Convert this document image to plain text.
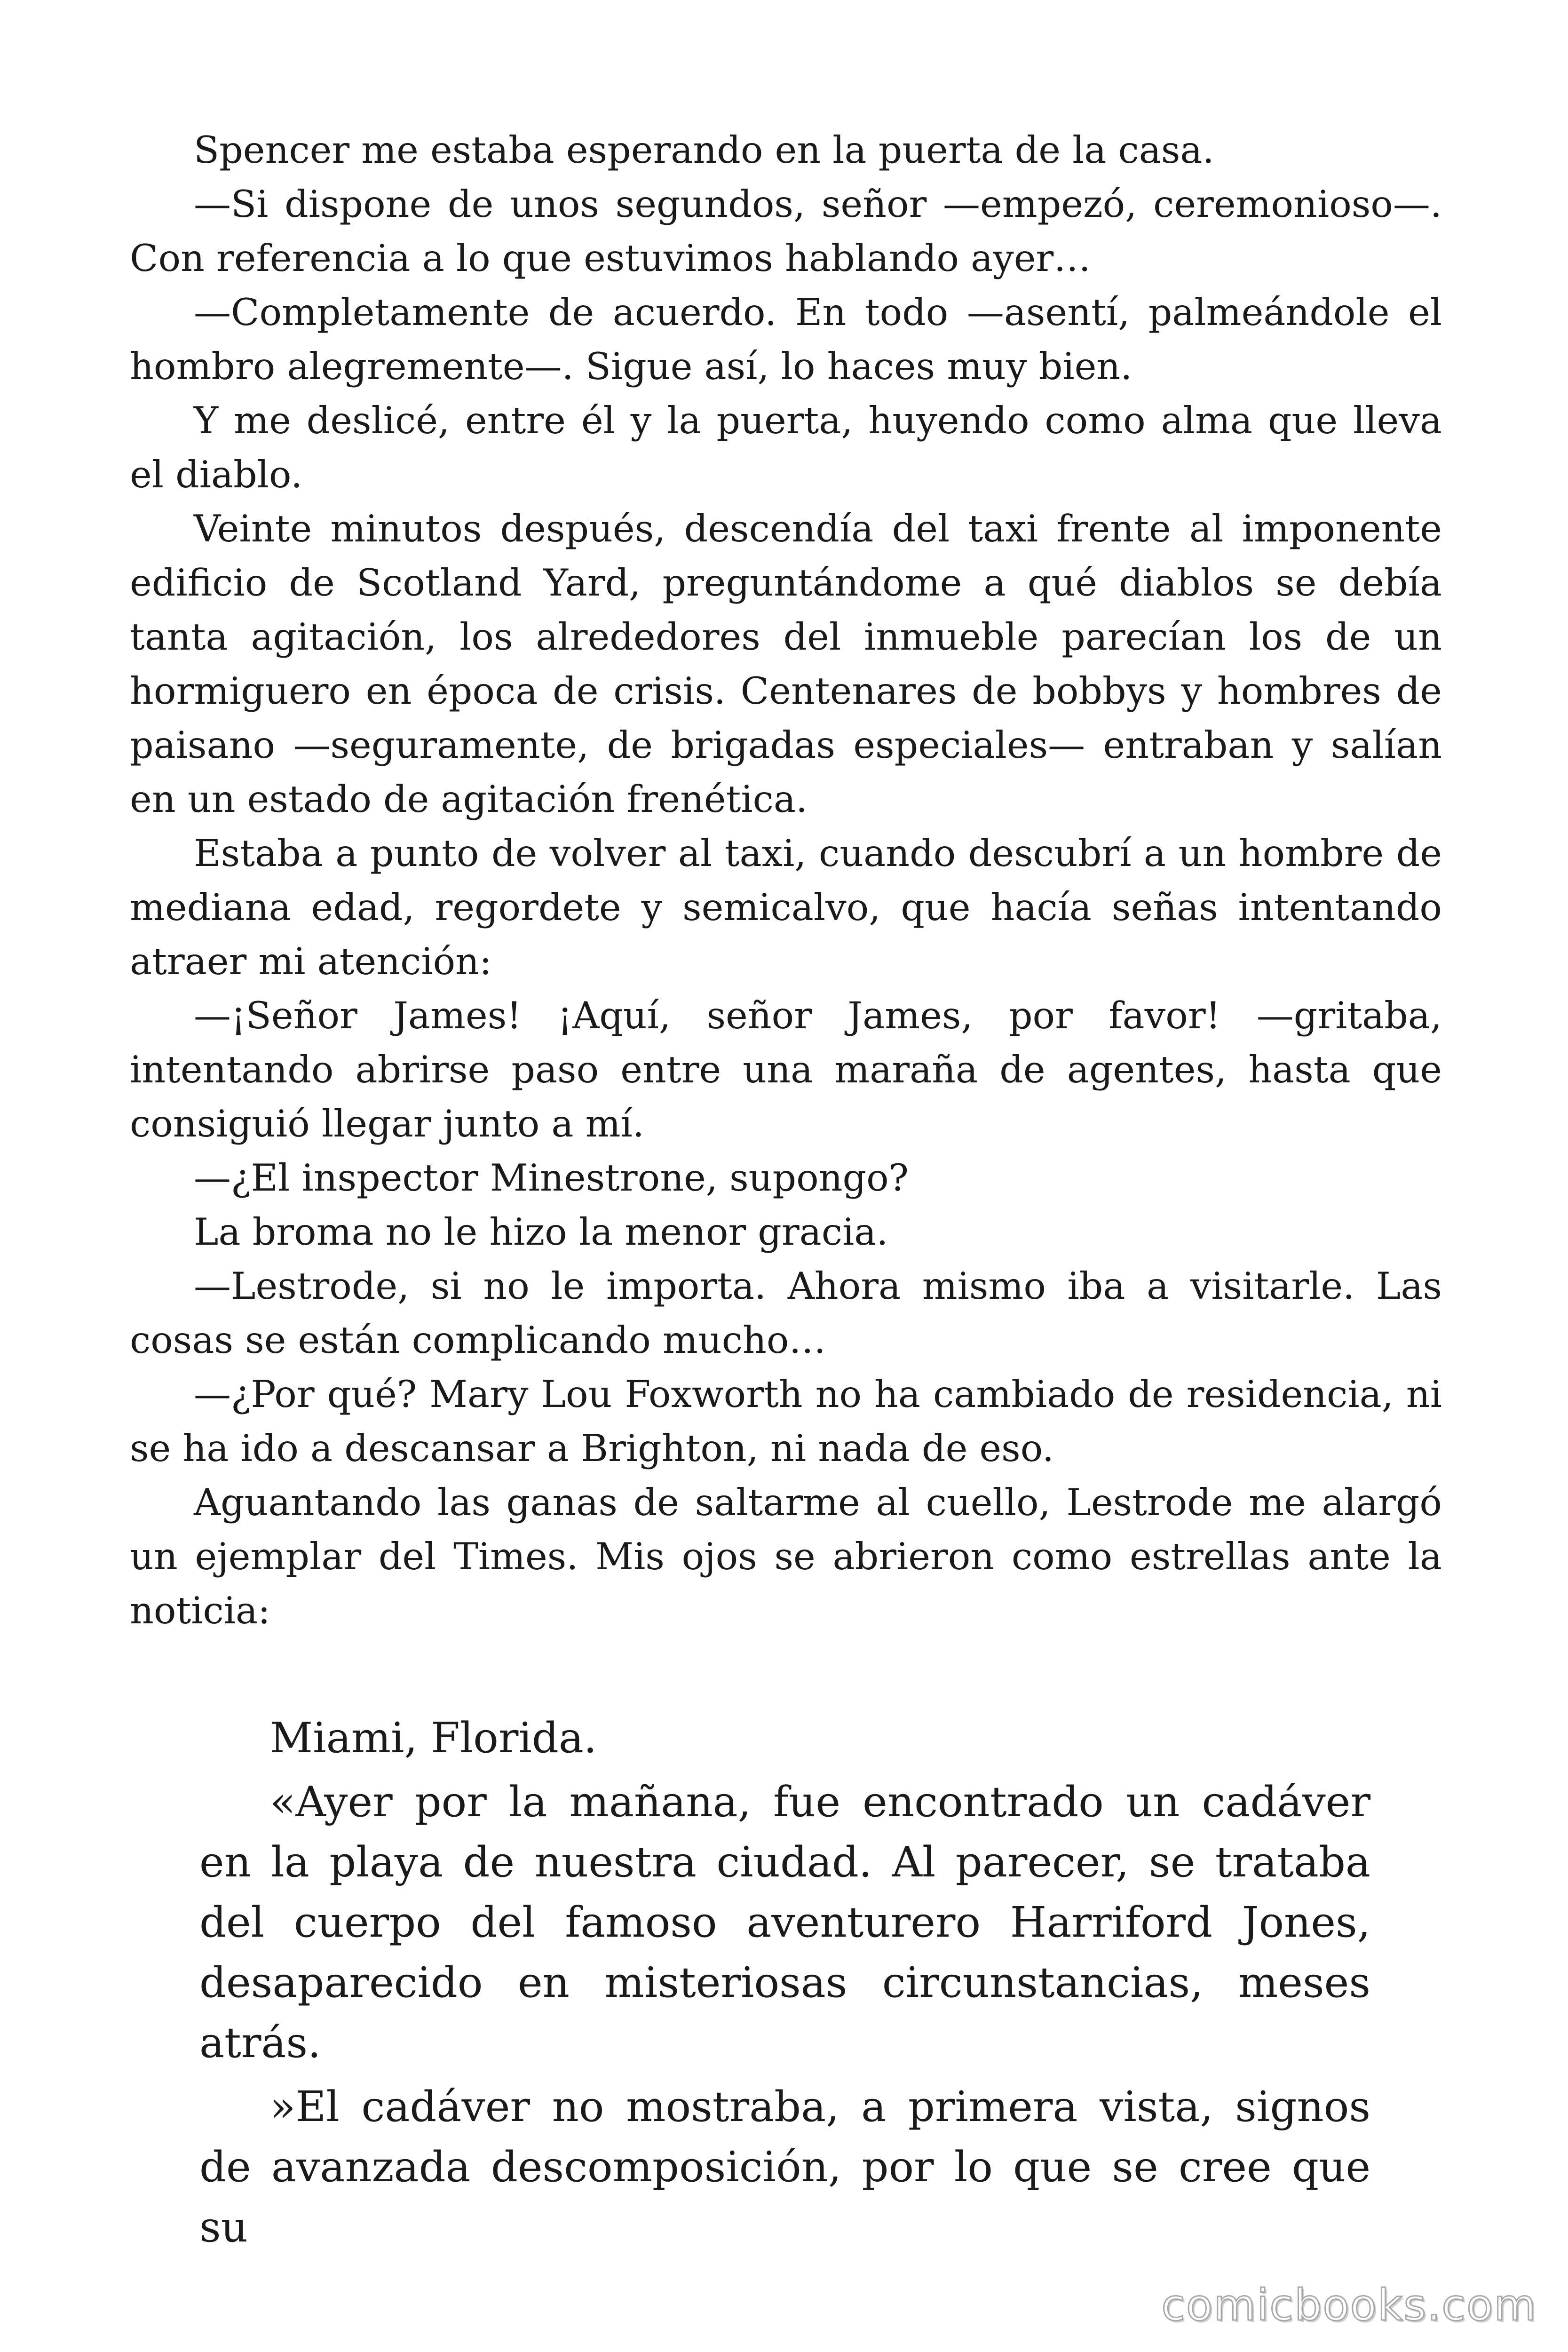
Spencer me estaba esperando en la puerta de la casa.

—Si dispone de unos segundos, señor —empezó, ceremonioso—. Con referencia a lo que estuvimos hablando ayer…

—Completamente de acuerdo. En todo —asentí, palmeándole el hombro alegremente—. Sigue así, lo haces muy bien.

Y me deslicé, entre él y la puerta, huyendo como alma que lleva el diablo.

Veinte minutos después, descendía del taxi frente al imponente edificio de Scotland Yard, preguntándome a qué diablos se debía tanta agitación, los alrededores del inmueble parecían los de un hormiguero en época de crisis. Centenares de bobbys y hombres de paisano —seguramente, de brigadas especiales— entraban y salían en un estado de agitación frenética.

Estaba a punto de volver al taxi, cuando descubrí a un hombre de mediana edad, regordete y semicalvo, que hacía señas intentando atraer mi atención:

—¡Señor James! ¡Aquí, señor James, por favor! —gritaba, intentando abrirse paso entre una maraña de agentes, hasta que consiguió llegar junto a mí.

—¿El inspector Minestrone, supongo?

La broma no le hizo la menor gracia.

—Lestrode, si no le importa. Ahora mismo iba a visitarle. Las cosas se están complicando mucho…

—¿Por qué? Mary Lou Foxworth no ha cambiado de residencia, ni se ha ido a descansar a Brighton, ni nada de eso.

Aguantando las ganas de saltarme al cuello, Lestrode me alargó un ejemplar del Times. Mis ojos se abrieron como estrellas ante la noticia:

Miami, Florida.

«Ayer por la mañana, fue encontrado un cadáver en la playa de nuestra ciudad. Al parecer, se trataba del cuerpo del famoso aventurero Harriford Jones, desaparecido en misteriosas circunstancias, meses atrás.

»El cadáver no mostraba, a primera vista, signos de avanzada descomposición, por lo que se cree que su

comicbooks.com
